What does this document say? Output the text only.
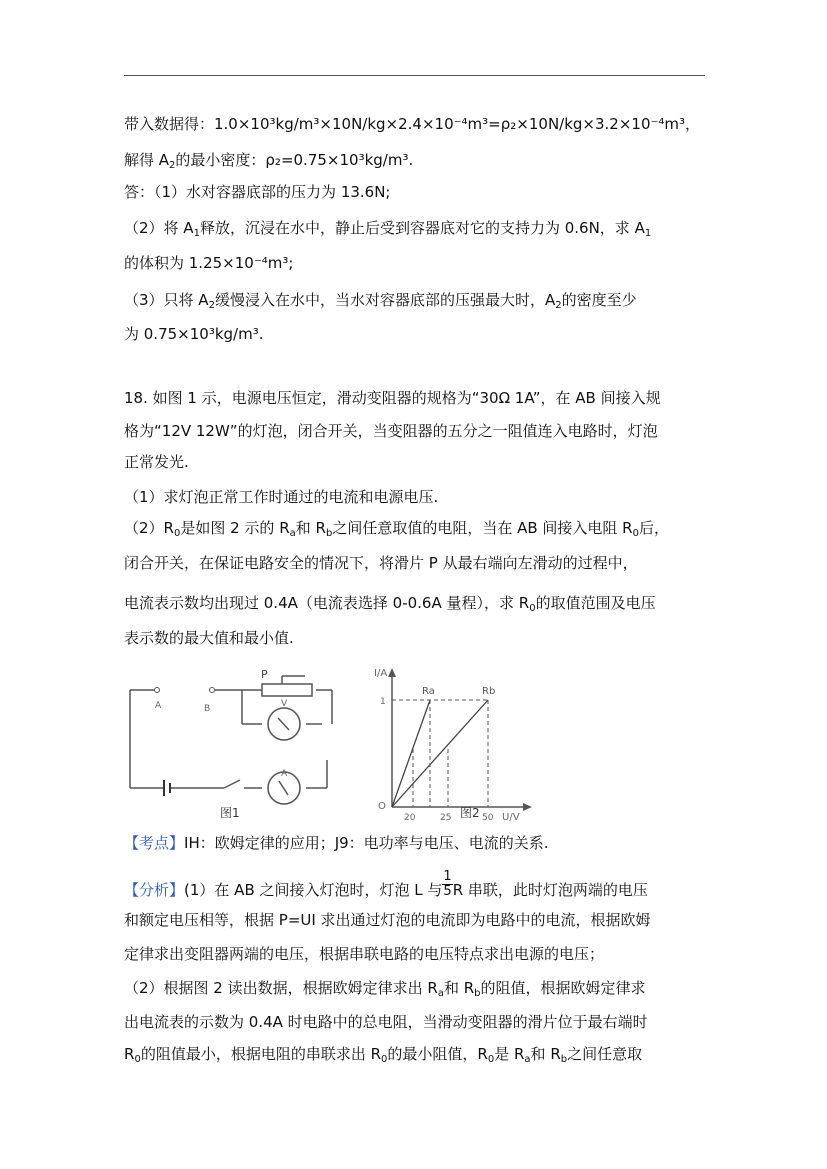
带入数据得：1.0×10³kg/m³×10N/kg×2.4×10⁻⁴m³=ρ₂×10N/kg×3.2×10⁻⁴m³，
解得 $A_2$的最小密度：ρ₂=0.75×10³kg/m³.
答：（1）水对容器底部的压力为 13.6N;
（2）将 $A_1$释放，沉浸在水中，静止后受到容器底对它的支持力为 0.6N，求 $A_1$
的体积为 1.25×10⁻⁴m³;
（3）只将 $A_2$缓慢浸入在水中，当水对容器底部的压强最大时，$A_2$的密度至少
为 0.75×10³kg/m³.
18. 如图 1 示，电源电压恒定，滑动变阻器的规格为“30Ω 1A”，在 AB 间接入规
格为“12V 12W”的灯泡，闭合开关，当变阻器的五分之一阻值连入电路时，灯泡
正常发光.
（1）求灯泡正常工作时通过的电流和电源电压.
$(2)R_0$是如图 2 示的 $R_a$和 $R_b$之间任意取值的电阻，当在 AB 间接入电阻 $R_0$后，
闭合开关，在保证电路安全的情况下，将滑片 P 从最右端向左滑动的过程中，
电流表示数均出现过 0.4A（电流表选择 0-0.6A 量程），求 $R_0$的取值范围及电压
表示数的最大值和最小值.
P
A	B	V
A
图1
I/A
U/V
O
Ra	Rb
1
20	25	50
图2
【考点】IH：欧姆定律的应用；J9：电功率与电压、电流的关系.
【分析】(1）在 AB 之间接入灯泡时，灯泡 L 与 $\frac{1}{5}$ R 串联，此时灯泡两端的电压
和额定电压相等，根据 P=UI 求出通过灯泡的电流即为电路中的电流，根据欧姆
定律求出变阻器两端的电压，根据串联电路的电压特点求出电源的电压；
（2）根据图 2 读出数据，根据欧姆定律求出 $R_a$和 $R_b$的阻值，根据欧姆定律求
出电流表的示数为 0.4A 时电路中的总电阻，当滑动变阻器的滑片位于最右端时
$R_0$的阻值最小，根据电阻的串联求出 $R_0$的最小阻值，$R_0$是 $R_a$和 $R_b$之间任意取
